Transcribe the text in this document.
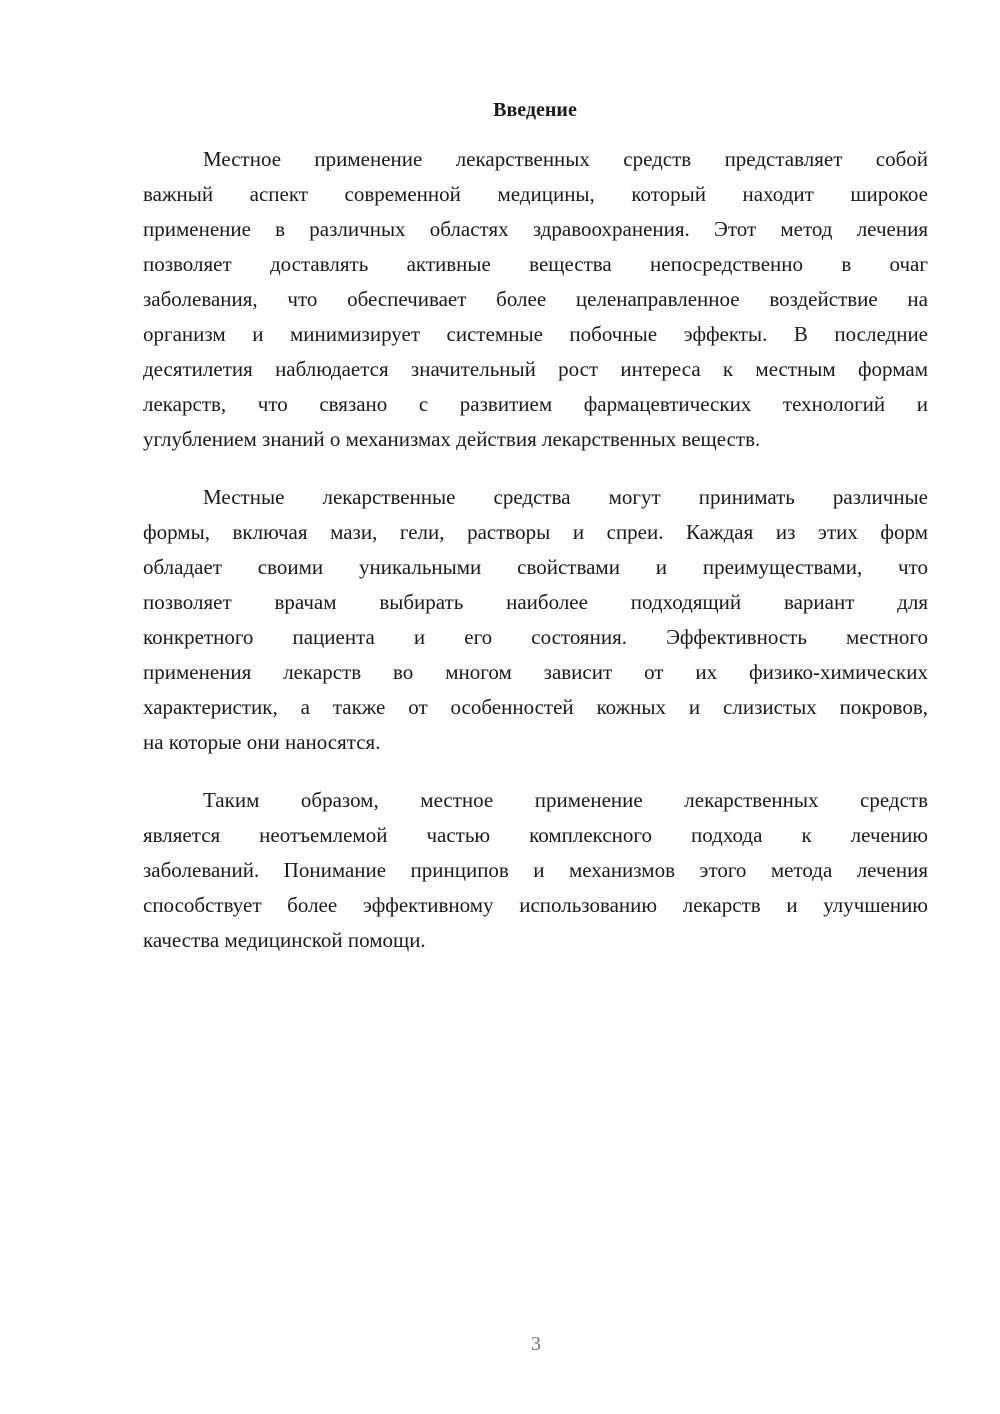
Введение
Местное применение лекарственных средств представляет собой
важный аспект современной медицины, который находит широкое
применение в различных областях здравоохранения. Этот метод лечения
позволяет доставлять активные вещества непосредственно в очаг
заболевания, что обеспечивает более целенаправленное воздействие на
организм и минимизирует системные побочные эффекты. В последние
десятилетия наблюдается значительный рост интереса к местным формам
лекарств, что связано с развитием фармацевтических технологий и
углублением знаний о механизмах действия лекарственных веществ.
Местные лекарственные средства могут принимать различные
формы, включая мази, гели, растворы и спреи. Каждая из этих форм
обладает своими уникальными свойствами и преимуществами, что
позволяет врачам выбирать наиболее подходящий вариант для
конкретного пациента и его состояния. Эффективность местного
применения лекарств во многом зависит от их физико-химических
характеристик, а также от особенностей кожных и слизистых покровов,
на которые они наносятся.
Таким образом, местное применение лекарственных средств
является неотъемлемой частью комплексного подхода к лечению
заболеваний. Понимание принципов и механизмов этого метода лечения
способствует более эффективному использованию лекарств и улучшению
качества медицинской помощи.
3
